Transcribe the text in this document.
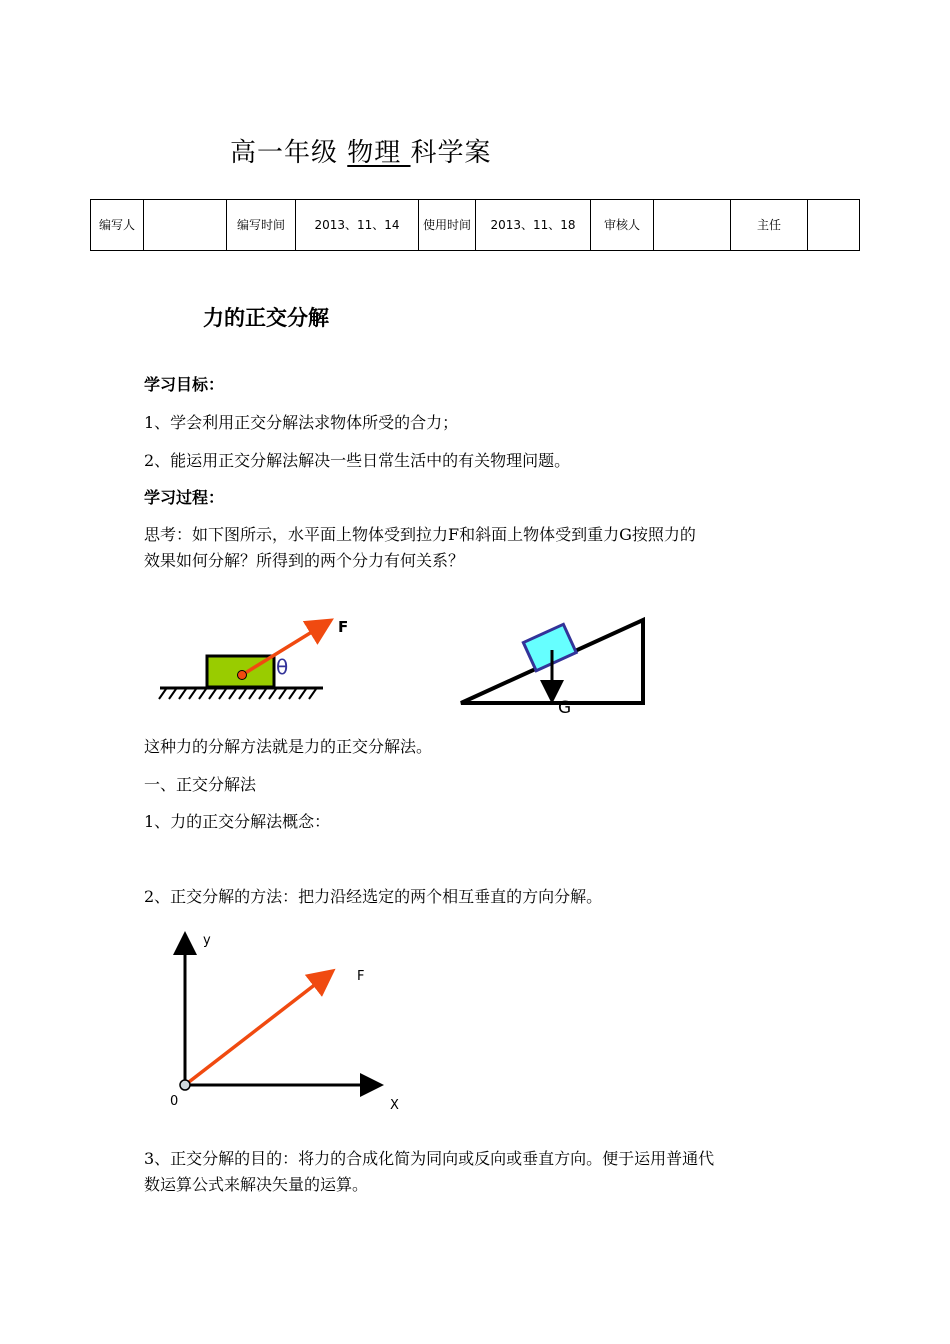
高一年级 物理 科学案
编写人		编写时间	2013、11、14	使用时间	2013、11、18	审核人		主任	
力的正交分解
学习目标：
1、学会利用正交分解法求物体所受的合力；
2、能运用正交分解法解决一些日常生活中的有关物理问题。
学习过程：
思考：如下图所示，水平面上物体受到拉力F和斜面上物体受到重力G按照力的
效果如何分解？所得到的两个分力有何关系？
F
θ
G
这种力的分解方法就是力的正交分解法。
一、正交分解法
1、力的正交分解法概念：
2、正交分解的方法：把力沿经选定的两个相互垂直的方向分解。
y
X
0
F
3、正交分解的目的：将力的合成化简为同向或反向或垂直方向。便于运用普通代
数运算公式来解决矢量的运算。
